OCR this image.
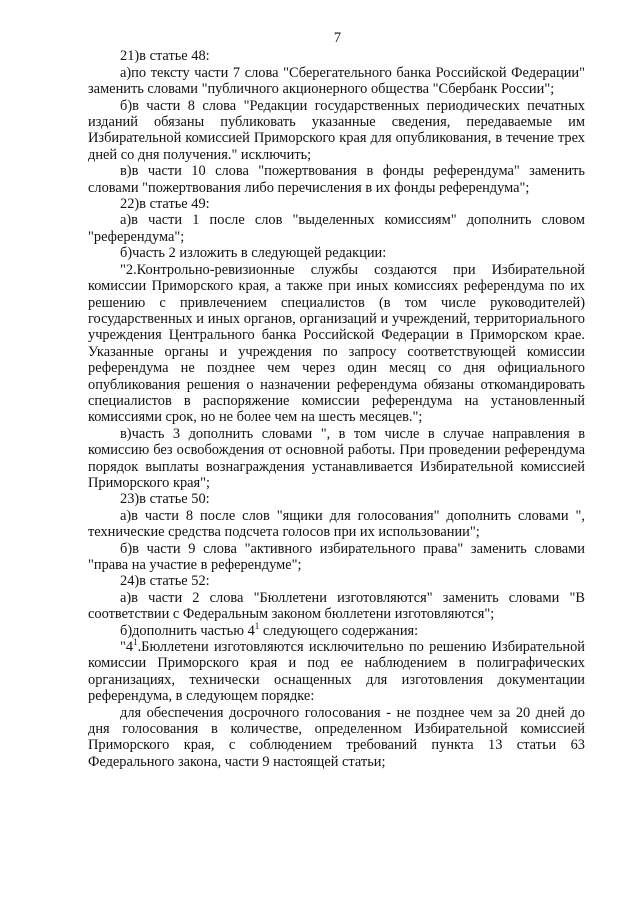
7

21)в статье 48:

а)по тексту части 7 слова "Сберегательного банка Российской Федерации" заменить словами "публичного акционерного общества "Сбербанк России";

б)в части 8 слова "Редакции государственных периодических печатных изданий обязаны публиковать указанные сведения, передаваемые им Избирательной комиссией Приморского края для опубликования, в течение трех дней со дня получения." исключить;

в)в части 10 слова "пожертвования в фонды референдума" заменить словами "пожертвования либо перечисления в их фонды референдума";

22)в статье 49:

а)в части 1 после слов "выделенных комиссиям" дополнить словом "референдума";

б)часть 2 изложить в следующей редакции:

"2.Контрольно-ревизионные службы создаются при Избирательной комиссии Приморского края, а также при иных комиссиях референдума по их решению с привлечением специалистов (в том числе руководителей) государственных и иных органов, организаций и учреждений, территориального учреждения Центрального банка Российской Федерации в Приморском крае. Указанные органы и учреждения по запросу соответствующей комиссии референдума не позднее чем через один месяц со дня официального опубликования решения о назначении референдума обязаны откомандировать специалистов в распоряжение комиссии референдума на установленный комиссиями срок, но не более чем на шесть месяцев.";

в)часть 3 дополнить словами ", в том числе в случае направления в комиссию без освобождения от основной работы. При проведении референдума порядок выплаты вознаграждения устанавливается Избирательной комиссией Приморского края";

23)в статье 50:

а)в части 8 после слов "ящики для голосования" дополнить словами ", технические средства подсчета голосов при их использовании";

б)в части 9 слова "активного избирательного права" заменить словами "права на участие в референдуме";

24)в статье 52:

а)в части 2 слова "Бюллетени изготовляются" заменить словами "В соответствии с Федеральным законом бюллетени изготовляются";

б)дополнить частью $4^1$ следующего содержания:

"$4^1.Бюллетени$ изготовляются исключительно по решению Избирательной комиссии Приморского края и под ее наблюдением в полиграфических организациях, технически оснащенных для изготовления документации референдума, в следующем порядке:

для обеспечения досрочного голосования - не позднее чем за 20 дней до дня голосования в количестве, определенном Избирательной комиссией Приморского края, с соблюдением требований пункта 13 статьи 63 Федерального закона, части 9 настоящей статьи;
